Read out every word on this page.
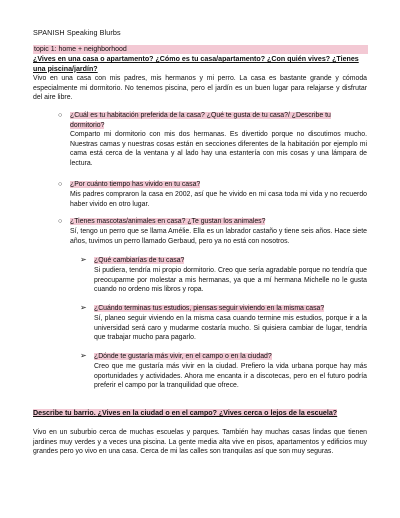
SPANISH Speaking Blurbs
topic 1: home + neighborhood
¿Vives en una casa o apartamento? ¿Cómo es tu casa/apartamento? ¿Con quién vives? ¿Tienes una piscina/jardín?
Vivo en una casa con mis padres, mis hermanos y mi perro. La casa es bastante grande y cómoda especialmente mi dormitorio. No tenemos piscina, pero el jardín es un buen lugar para relajarse y disfrutar del aire libre.
○ ¿Cuál es tu habitación preferida de la casa? ¿Qué te gusta de tu casa?/ ¿Describe tu dormitorio?
Comparto mi dormitorio con mis dos hermanas. Es divertido porque no discutimos mucho. Nuestras camas y nuestras cosas están en secciones diferentes de la habitación por ejemplo mi cama está cerca de la ventana y al lado hay una estantería con mis cosas y una lámpara de lectura.
○ ¿Por cuánto tiempo has vivido en tu casa?
Mis padres compraron la casa en 2002, así que he vivido en mi casa toda mi vida y no recuerdo haber vivido en otro lugar.
○ ¿Tienes mascotas/animales en casa? ¿Te gustan los animales?
Sí, tengo un perro que se llama Amélie. Ella es un labrador castaño y tiene seis años. Hace siete años, tuvimos un perro llamado Gerbaud, pero ya no está con nosotros.
➢ ¿Qué cambiarías de tu casa?
Si pudiera, tendría mi propio dormitorio. Creo que sería agradable porque no tendría que preocuparme por molestar a mis hermanas, ya que a mí hermana Michelle no le gusta cuando no ordeno mis libros y ropa.
➢ ¿Cuándo terminas tus estudios, piensas seguir viviendo en la misma casa?
Sí, planeo seguir viviendo en la misma casa cuando termine mis estudios, porque ir a la universidad será caro y mudarme costaría mucho. Si quisiera cambiar de lugar, tendría que trabajar mucho para pagarlo.
➢ ¿Dónde te gustaría más vivir, en el campo o en la ciudad?
Creo que me gustaría más vivir en la ciudad. Prefiero la vida urbana porque hay más oportunidades y actividades. Ahora me encanta ir a discotecas, pero en el futuro podría preferir el campo por la tranquilidad que ofrece.
Describe tu barrio. ¿Vives en la ciudad o en el campo? ¿Vives cerca o lejos de la escuela?
Vivo en un suburbio cerca de muchas escuelas y parques. También hay muchas casas lindas que tienen jardines muy verdes y a veces una piscina. La gente media alta vive en pisos, apartamentos y edificios muy grandes pero yo vivo en una casa. Cerca de mi las calles son tranquilas así que son muy seguras.
